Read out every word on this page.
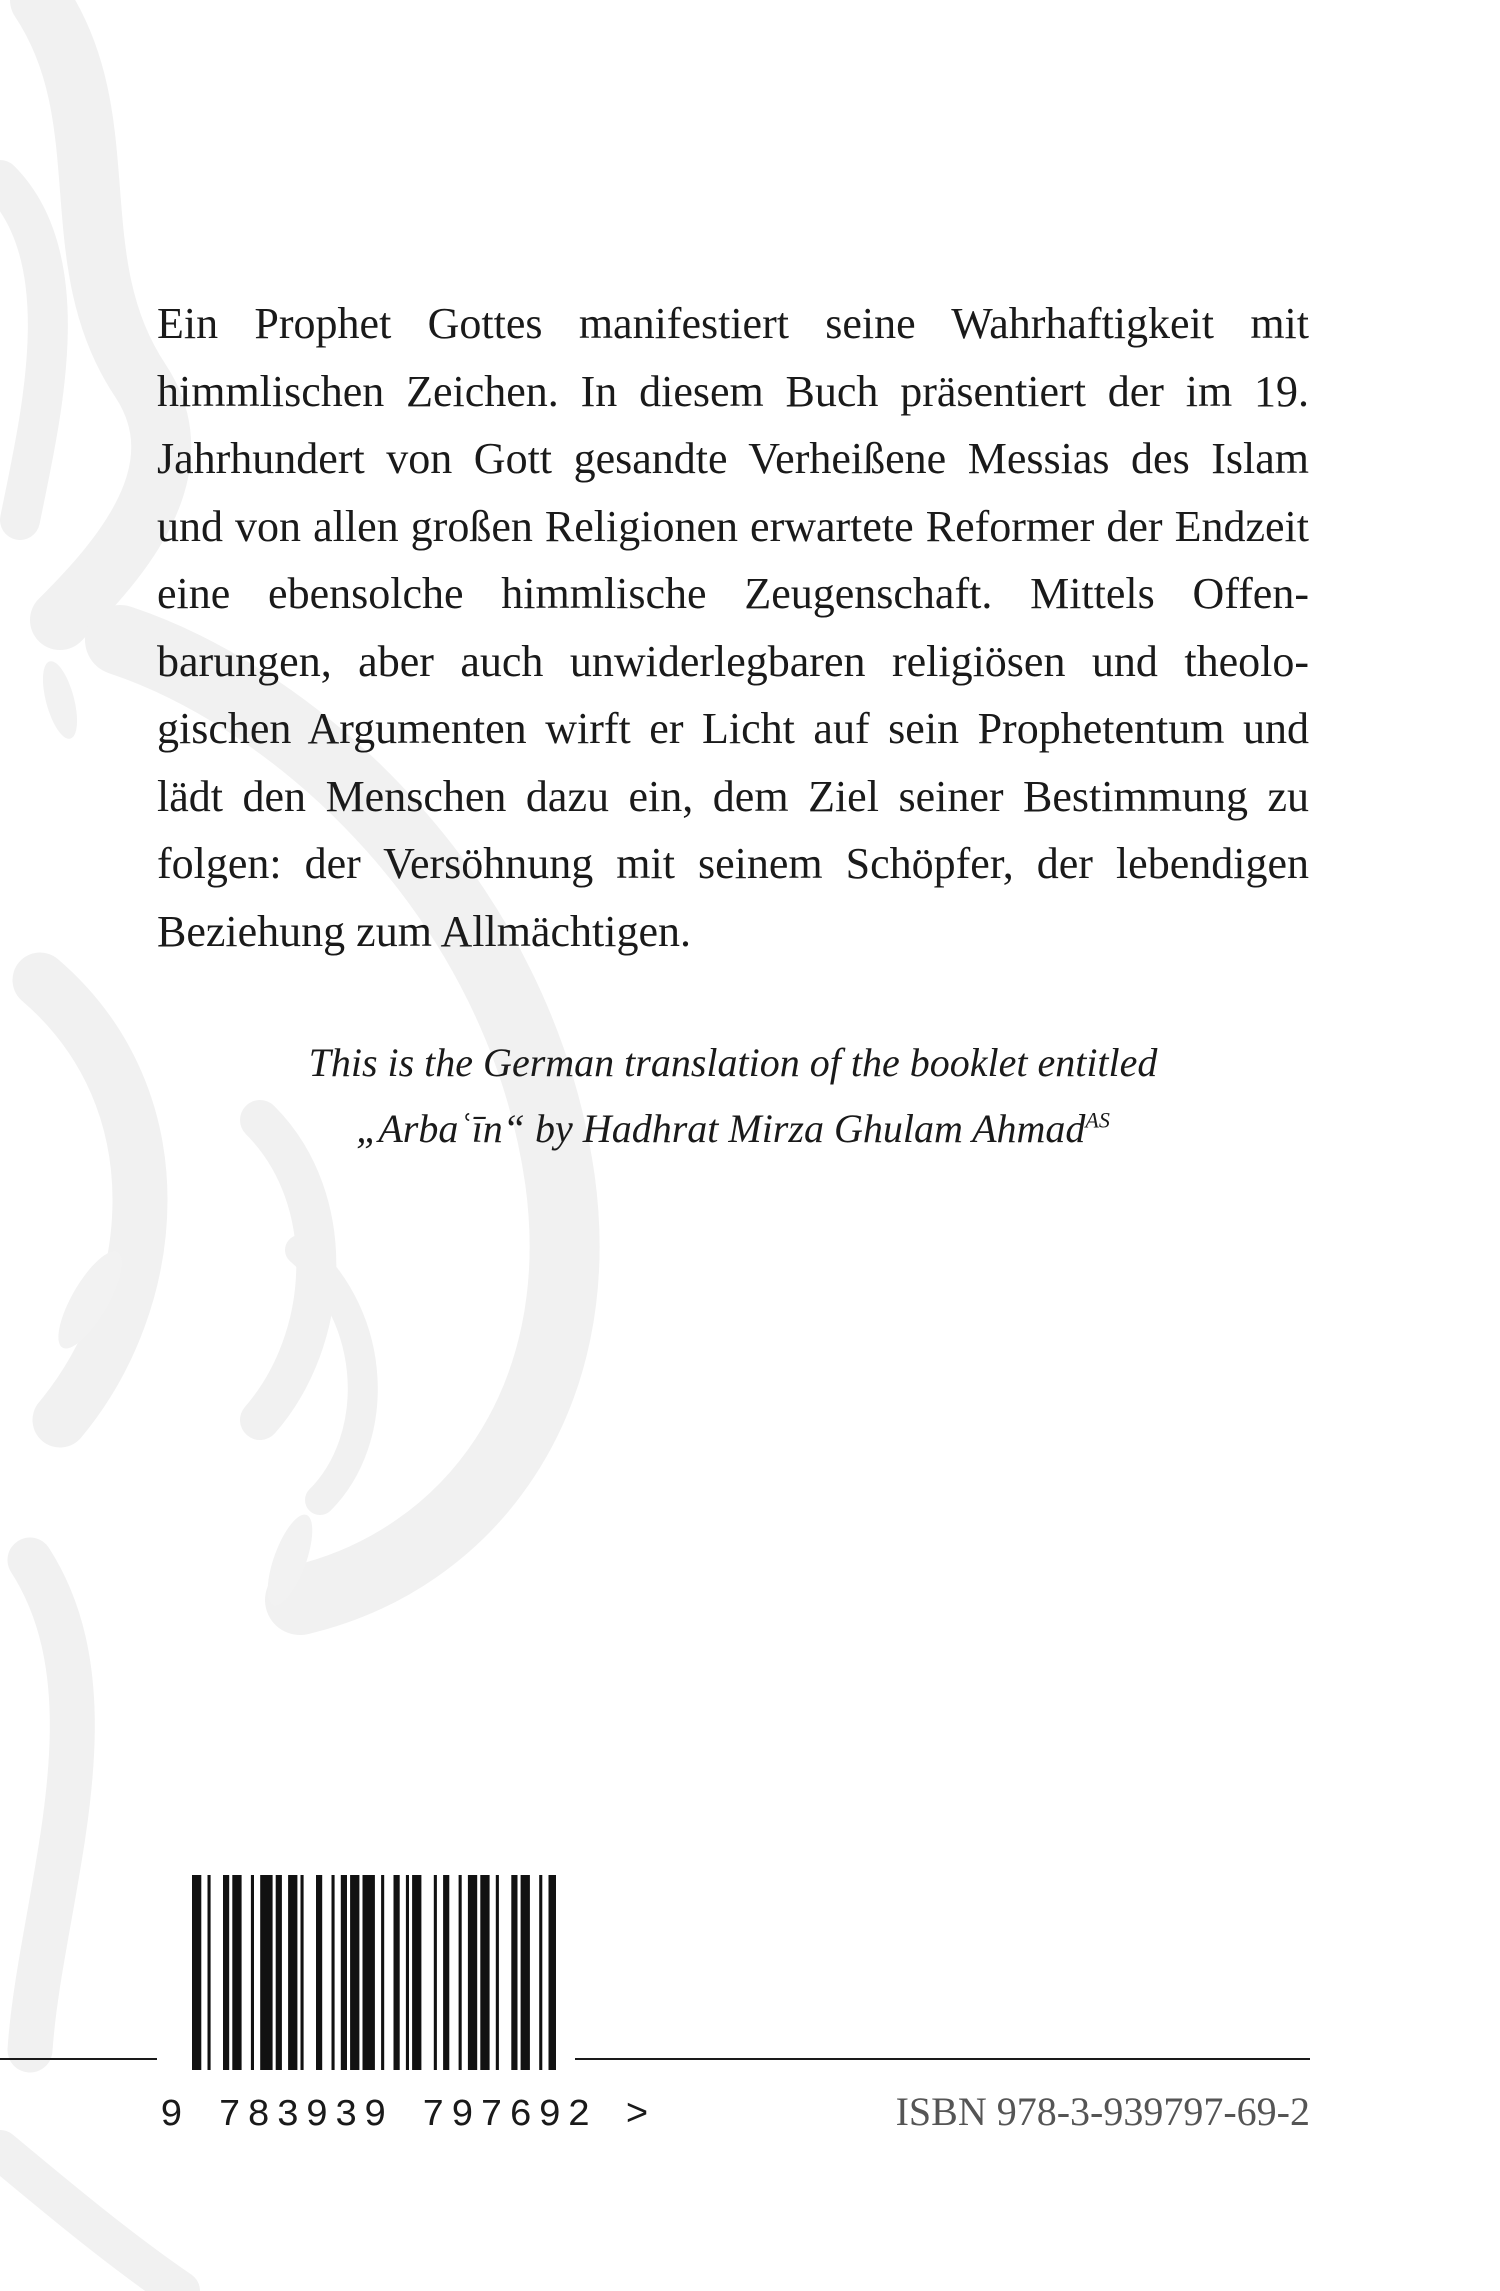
Ein Prophet Gottes manifestiert seine Wahrhaftigkeit mit himmlischen Zeichen. In diesem Buch präsentiert der im 19. Jahrhundert von Gott gesandte Verheißene Messias des Islam und von allen großen Religionen erwartete Reformer der Endzeit eine ebensolche himmlische Zeugenschaft. Mittels Offenbarungen, aber auch unwiderlegbaren religiösen und theologischen Argumenten wirft er Licht auf sein Prophetentum und lädt den Menschen dazu ein, dem Ziel seiner Bestimmung zu folgen: der Versöhnung mit seinem Schöpfer, der lebendigen Beziehung zum Allmächtigen.

This is the German translation of the booklet entitled
„Arbaʿīn“ by Hadhrat Mirza Ghulam Ahmad$^{AS}$
9 783939 797692 >	ISBN 978-3-939797-69-2
